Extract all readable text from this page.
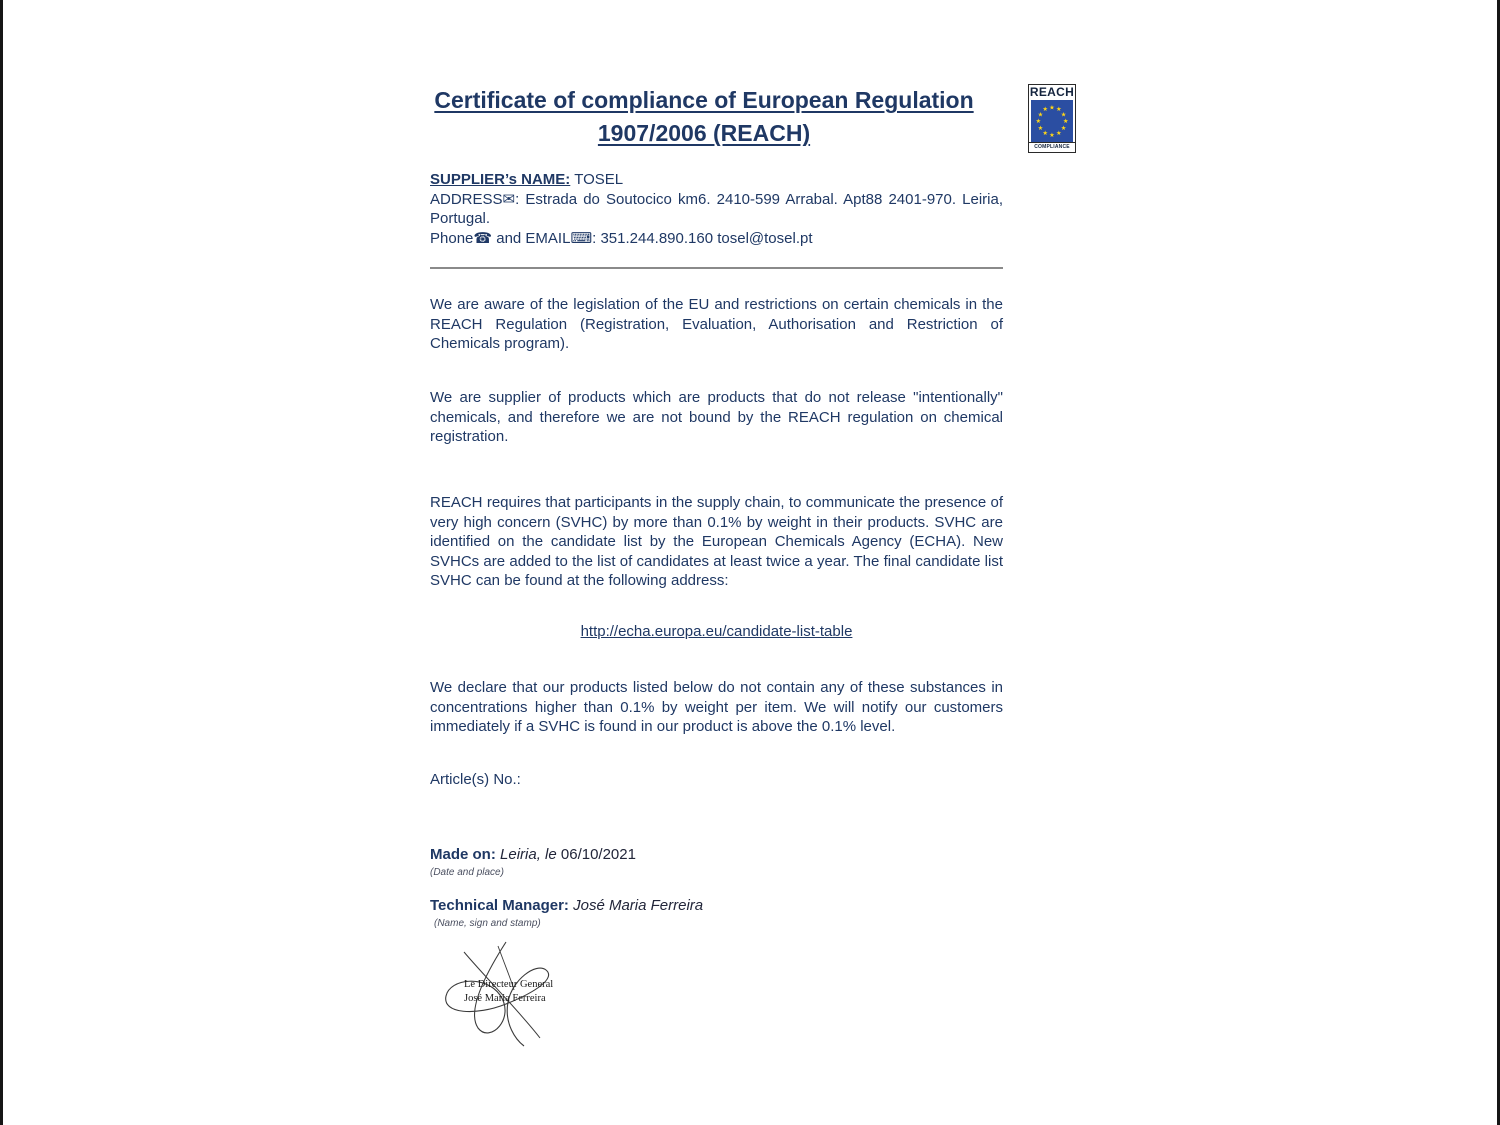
Certificate of compliance of European Regulation
1907/2006 (REACH)
REACH
★
★
★
★
★
★
★
★
★ ★ ★
★
COMPLIANCE
SUPPLIER’s NAME: TOSEL
ADDRESS✉: Estrada do Soutocico km6. 2410-599 Arrabal. Apt88 2401-970. Leiria, Portugal.
Phone☎ and EMAIL⌨: 351.244.890.160 tosel@tosel.pt
We are aware of the legislation of the EU and restrictions on certain chemicals in the REACH Regulation (Registration, Evaluation, Authorisation and Restriction of Chemicals program).
We are supplier of products which are products that do not release "intentionally" chemicals, and therefore we are not bound by the REACH regulation on chemical registration.
REACH requires that participants in the supply chain, to communicate the presence of very high concern (SVHC) by more than 0.1% by weight in their products. SVHC are identified on the candidate list by the European Chemicals Agency (ECHA). New SVHCs are added to the list of candidates at least twice a year. The final candidate list SVHC can be found at the following address:
http://echa.europa.eu/candidate-list-table
We declare that our products listed below do not contain any of these substances in concentrations higher than 0.1% by weight per item. We will notify our customers immediately if a SVHC is found in our product is above the 0.1% level.
Article(s) No.:
Made on: Leiria, le 06/10/2021
(Date and place)
Technical Manager: José Maria Ferreira
(Name, sign and stamp)
Le Directeur General
José Maria Ferreira
